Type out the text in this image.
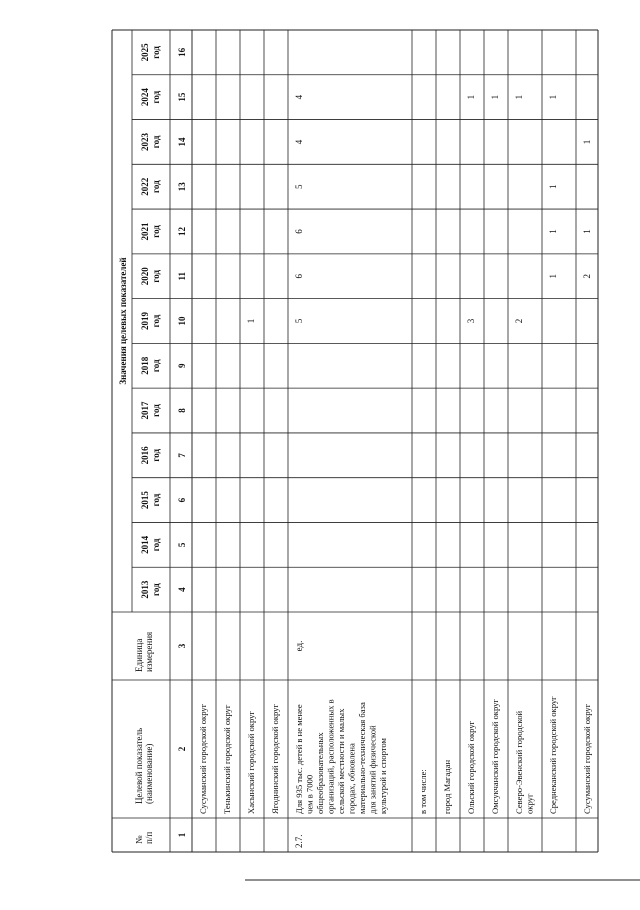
Значения целевых показателей
№п/п
Целевой показатель(наименование)
Единицаизмерения
2013 год
2014 год
2015 год
2016 год
2017 год
2018 год
2019 год
2020 год
2021 год
2022 год
2023 год
2024 год
2025 год
1
2
3
4
5
6
7
8
9
10
11
12
13
14
15
16
Сусуманский городской округ Тенькинский городской округ Хасынский городской округ
1
Ягоднинский городской округ
2.7.
Для 935 тыс. детей в не менеечем в 7000общеобразовательныхорганизаций, расположенных всельской местности и малыхгородах, обновленаматериально-техническая базадля занятий физическойкультурой и спортом
ед.
5
6
6
5
4
4
в том числе: город Магадан Ольский городской округ
3
1
Омсукчанский городской округ
1
Северо-Эвенский городскойокруг
2
1
Среднеканский городской округ
1
1
1
1
Сусуманский городской округ
2
1
1
